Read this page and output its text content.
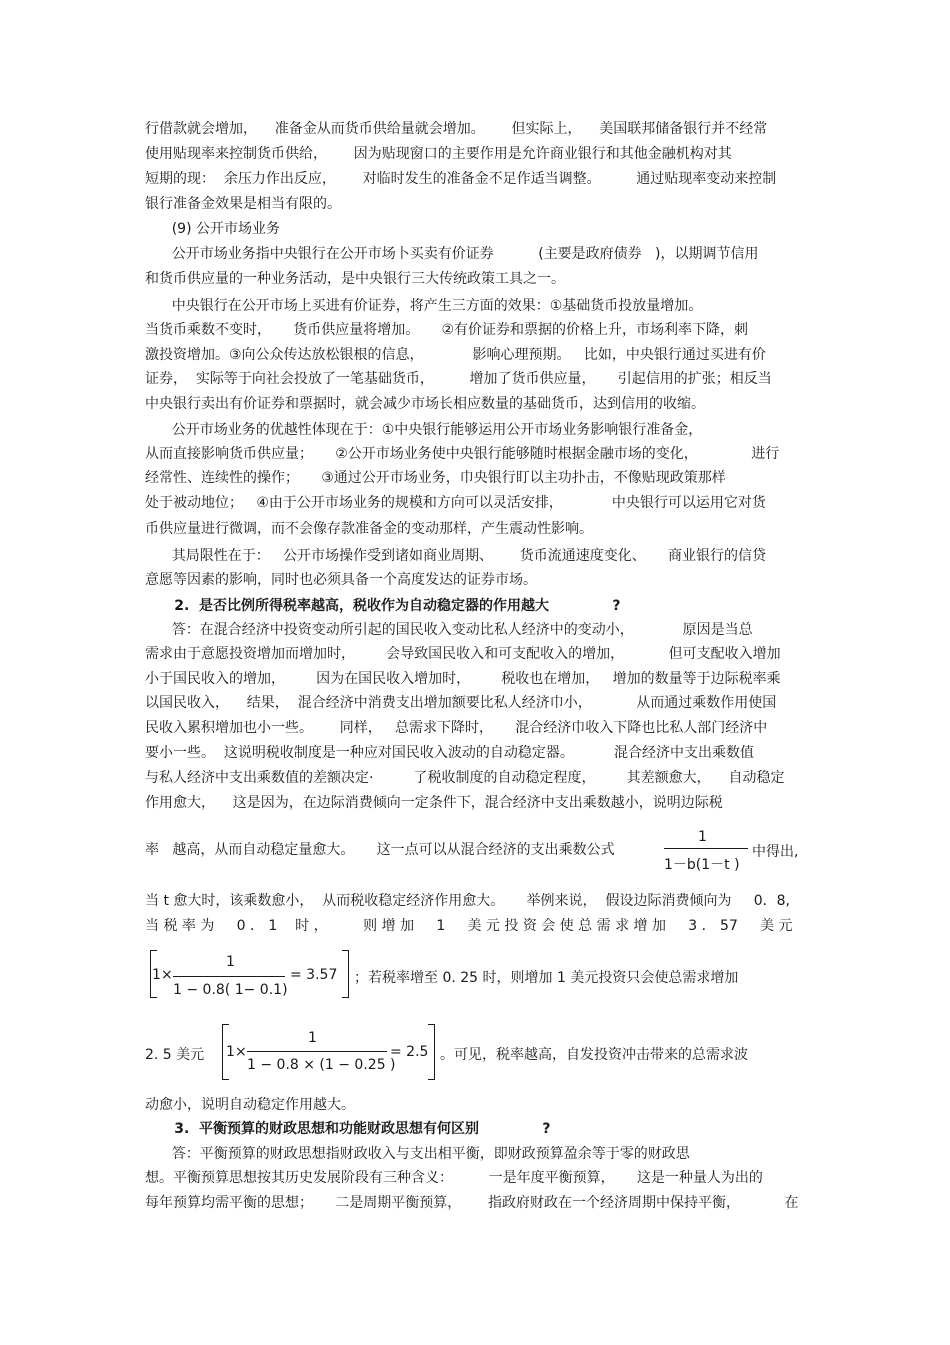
行借款就会增加，    准备金从而货币供给量就会增加。      但实际上，    美国联邦储备银行并不经常
使用贴现率来控制货币供给，      因为贴现窗口的主要作用是允许商业银行和其他金融机构对其
短期的现：  余压力作出反应，      对临时发生的准备金不足作适当调整。        通过贴现率变动来控制
银行准备金效果是相当有限的。
(9) 公开市场业务
公开市场业务指中央银行在公开市场卜买卖有价证券          (主要是政府债券   )，以期调节信用
和货币供应量的一种业务活动，是中央银行三大传统政策工具之一。
中央银行在公开市场上买进有价证券，将产生三方面的效果：①基础货币投放量增加。
当货币乘数不变时，     货币供应量将增加。     ②有价证券和票据的价格上升，市场利率下降，刺
激投资增加。③向公众传达放松银根的信息，           影响心理预期。   比如，中央银行通过买进有价
证券，  实际等于向社会投放了一笔基础货币，        增加了货币供应量，     引起信用的扩张；相反当
中央银行卖出有价证券和票据时，就会减少市场长相应数量的基础货币，达到信用的收缩。
公开市场业务的优越性体现在于：①中央银行能够运用公开市场业务影响银行准备金，
从而直接影响货币供应量；     ②公开市场业务使中央银行能够随时根据金融市场的变化，            进行
经常性、连续性的操作；     ③通过公开市场业务，巾央银行盯以主功扑击，不像贴现政策那样
处于被动地位；   ④由于公开市场业务的规模和方向可以灵活安排，           中央银行可以运用它对货
币供应量进行微调，而不会像存款准备金的变动那样，产生震动性影响。
其局限性在于：   公开市场操作受到诸如商业周期、      货币流通速度变化、     商业银行的信贷
意愿等因素的影响，同时也必须具备一个高度发达的证券市场。
2.  是否比例所得税率越高，税收作为自动稳定器的作用越大             ?
答：在混合经济中投资变动所引起的国民收入变动比私人经济中的变动小，           原因是当总
需求由于意愿投资增加而增加时，       会导致国民收入和可支配收入的增加，          但可支配收入增加
小于国民收入的增加，       因为在国民收入增加时，       税收也在增加，   增加的数量等于边际税率乘
以国民收入，    结果，  混合经济中消费支出增加额要比私人经济巾小，          从而通过乘数作用使国
民收入累积增加也小一些。      同样，   总需求下降时，     混合经济巾收入下降也比私人部门经济中
要小一些。  这说明税收制度是一种应对国民收入波动的自动稳定器。         混合经济中支出乘数值
与私人经济中支出乘数值的差额决定·         了税收制度的自动稳定程度，       其差额愈大，    自动稳定
作用愈大，    这是因为，在边际消费倾向一定条件下，混合经济中支出乘数越小，说明边际税
率   越高，从而自动稳定量愈大。     这一点可以从混合经济的支出乘数公式
1
1－b(1－t )
中得出,
当 t 愈大时，该乘数愈小，  从而税收稳定经济作用愈大。     举例来说，  假设边际消费倾向为     0．8,
当 税 率 为     0 ． 1    时 ，        则 增 加     1     美 元 投 资 会 使 总 需 求 增 加     3 ． 57     美 元
1 ×
1
1 − 0.8( 1− 0.1)
= 3.57 ；若税率增至 0. 25 时，则增加 1 美元投资只会使总需求增加
2. 5 美元 1 ×
1
1 − 0.8 × (1 − 0.25 )
= 2.5 。可见，税率越高，自发投资冲击带来的总需求波
动愈小，说明自动稳定作用越大。
3.  平衡预算的财政思想和功能财政思想有何区别             ?
答：平衡预算的财政思想指财政收入与支出相平衡，即财政预算盈余等于零的财政思
想。平衡预算思想按其历史发展阶段有三种含义：        一是年度平衡预算，     这是一种量人为出的
每年预算均需平衡的思想；     二是周期平衡预算，      指政府财政在一个经济周期中保持平衡，          在
